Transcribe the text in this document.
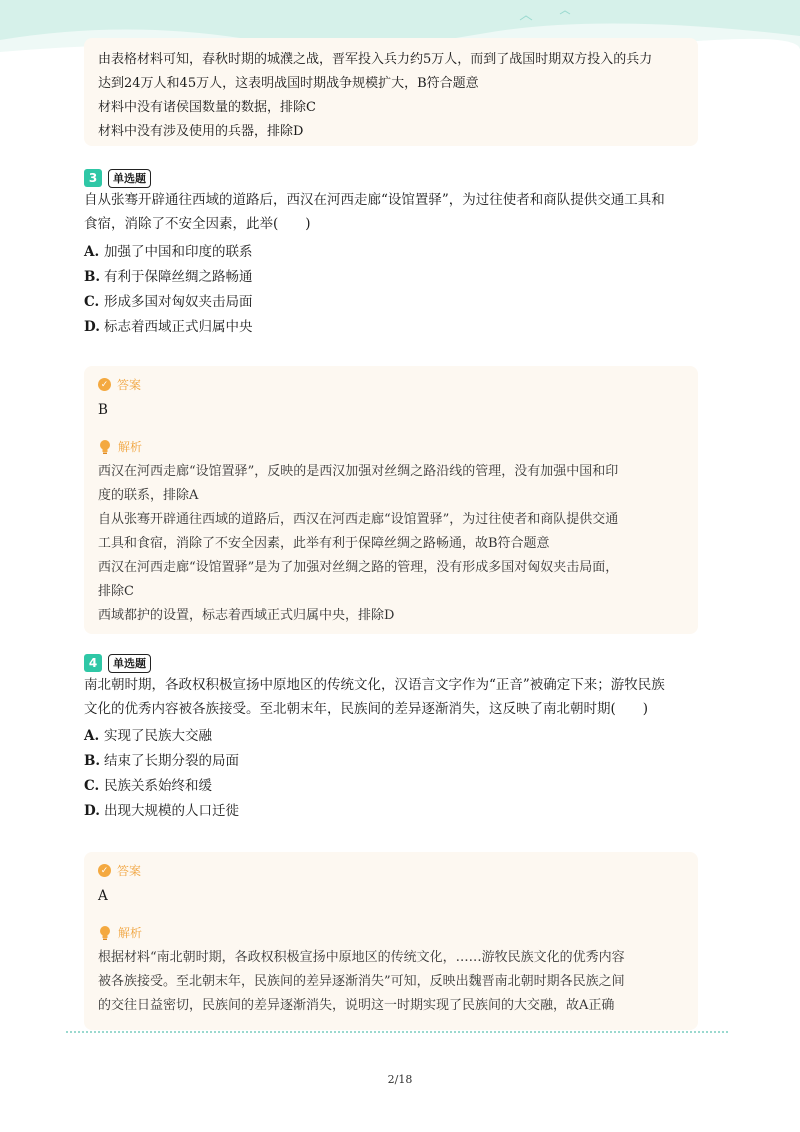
由表格材料可知，春秋时期的城濮之战，晋军投入兵力约5万人，而到了战国时期双方投入的兵力

达到24万人和45万人，这表明战国时期战争规模扩大，B符合题意

材料中没有诸侯国数量的数据，排除C

材料中没有涉及使用的兵器，排除D

3	单选题

自从张骞开辟通往西域的道路后，西汉在河西走廊“设馆置驿”，为过往使者和商队提供交通工具和

食宿，消除了不安全因素，此举(　　)

A. 加强了中国和印度的联系
B. 有利于保障丝绸之路畅通
C. 形成多国对匈奴夹击局面
D. 标志着西域正式归属中央
✓ 答案
B
解析

西汉在河西走廊“设馆置驿”，反映的是西汉加强对丝绸之路沿线的管理，没有加强中国和印

度的联系，排除A

自从张骞开辟通往西域的道路后，西汉在河西走廊“设馆置驿”，为过往使者和商队提供交通

工具和食宿，消除了不安全因素，此举有利于保障丝绸之路畅通，故B符合题意

西汉在河西走廊“设馆置驿”是为了加强对丝绸之路的管理，没有形成多国对匈奴夹击局面，

排除C

西域都护的设置，标志着西域正式归属中央，排除D

4	单选题

南北朝时期，各政权积极宣扬中原地区的传统文化，汉语言文字作为“正音”被确定下来；游牧民族

文化的优秀内容被各族接受。至北朝末年，民族间的差异逐渐消失，这反映了南北朝时期(　　)

A. 实现了民族大交融
B. 结束了长期分裂的局面
C. 民族关系始终和缓
D. 出现大规模的人口迁徙
✓ 答案
A
解析

根据材料“南北朝时期，各政权积极宣扬中原地区的传统文化，……游牧民族文化的优秀内容

被各族接受。至北朝末年，民族间的差异逐渐消失”可知，反映出魏晋南北朝时期各民族之间

的交往日益密切，民族间的差异逐渐消失，说明这一时期实现了民族间的大交融，故A正确

2/18
